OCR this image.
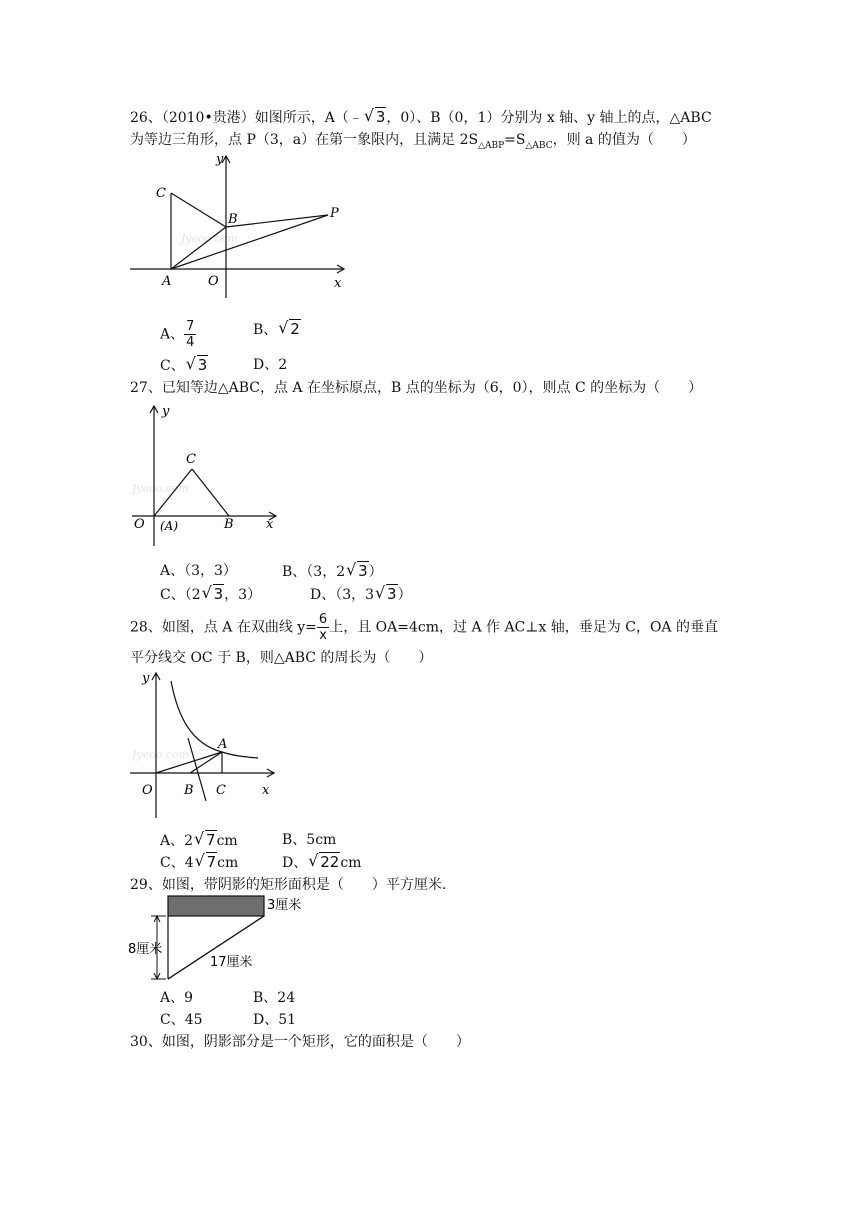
26、（2010•贵港）如图所示，A（﹣ √ 3，0）、B（0，1）分别为 x 轴、y 轴上的点，△ABC
为等边三角形，点 P（3，a）在第一象限内，且满足 $2S_{\triangle ABP}=S_{\triangle ABC}$，则 a 的值为（　　）
Jyeoo.com
y
C
B	P
A	O	x
A、 $\frac{7}{4}$	B、 √ 2
C、 √ 3	D、2
27、已知等边△ABC，点 A 在坐标原点，B 点的坐标为（6，0），则点 C 的坐标为（　　）
Jyeoo.com
y
C
O (A)	B x
A、（3，3）	B、（3，2 √ 3）
C、（2 √ 3，3）	D、（3，3 √ 3）
28、如图，点 A 在双曲线 $y= \frac{6}{x}$ 上，且 OA=4cm，过 A 作 AC⊥x 轴，垂足为 C，OA 的垂直
平分线交 OC 于 B，则△ABC 的周长为（　　）
Jyeoo.com
y
A
O B C	x
A、2 √ 7cm	B、5cm
C、4 √ 7cm	D、 √ 22cm
29、如图，带阴影的矩形面积是（　　）平方厘米.
3厘米
8厘米
17厘米
A、9	B、24
C、45	D、51
30、如图，阴影部分是一个矩形，它的面积是（　　）
